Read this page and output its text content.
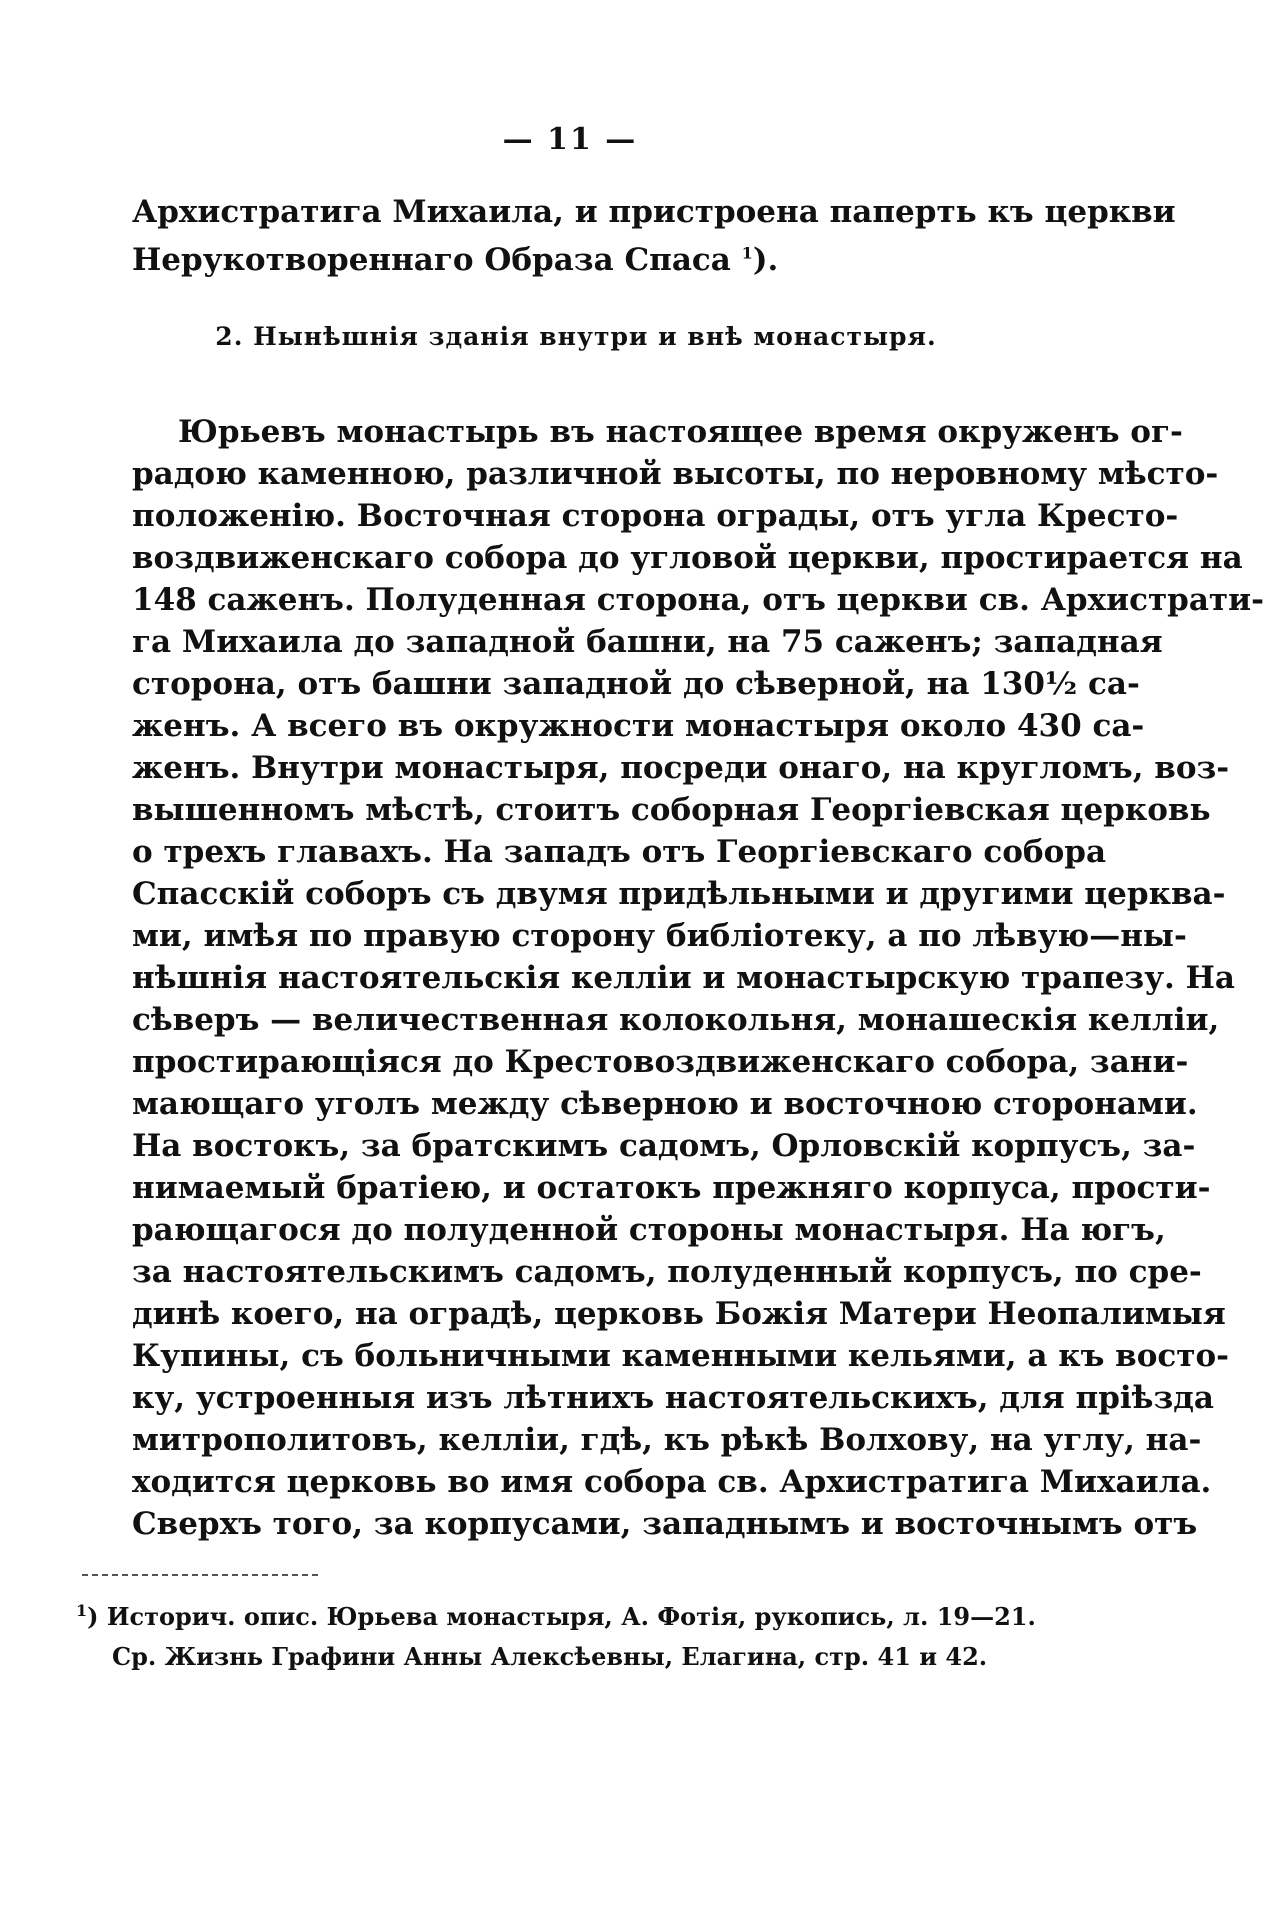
— 11 —
Архистратига Михаила, и пристроена паперть къ церкви
Нерукотвореннаго Образа Спаса $^1$).
2. Нынѣшнія зданія внутри и внѣ монастыря.
Юрьевъ монастырь въ настоящее время окруженъ ог-
радою каменною, различной высоты, по неровному мѣсто-
положенію. Восточная сторона ограды, отъ угла Кресто-
воздвиженскаго собора до угловой церкви, простирается на
148 саженъ. Полуденная сторона, отъ церкви св. Архистрати-
га Михаила до западной башни, на 75 саженъ; западная
сторона, отъ башни западной до сѣверной, на 130½ са-
женъ. А всего въ окружности монастыря около 430 са-
женъ. Внутри монастыря, посреди онаго, на кругломъ, воз-
вышенномъ мѣстѣ, стоитъ соборная Георгіевская церковь
о трехъ главахъ. На западъ отъ Георгіевскаго собора
Спасскій соборъ съ двумя придѣльными и другими церква-
ми, имѣя по правую сторону библіотеку, а по лѣвую—ны-
нѣшнія настоятельскія келліи и монастырскую трапезу. На
сѣверъ — величественная колокольня, монашескія келліи,
простирающіяся до Крестовоздвиженскаго собора, зани-
мающаго уголъ между сѣверною и восточною сторонами.
На востокъ, за братскимъ садомъ, Орловскій корпусъ, за-
нимаемый братіею, и остатокъ прежняго корпуса, прости-
рающагося до полуденной стороны монастыря. На югъ,
за настоятельскимъ садомъ, полуденный корпусъ, по сре-
динѣ коего, на оградѣ, церковь Божія Матери Неопалимыя
Купины, съ больничными каменными кельями, а къ восто-
ку, устроенныя изъ лѣтнихъ настоятельскихъ, для пріѣзда
митрополитовъ, келліи, гдѣ, къ рѣкѣ Волхову, на углу, на-
ходится церковь во имя собора св. Архистратига Михаила.
Сверхъ того, за корпусами, западнымъ и восточнымъ отъ
$^1$) Историч. опис. Юрьева монастыря, А. Фотія, рукопись, л. 19—21.
Ср. Жизнь Графини Анны Алексѣевны, Елагина, стр. 41 и 42.
